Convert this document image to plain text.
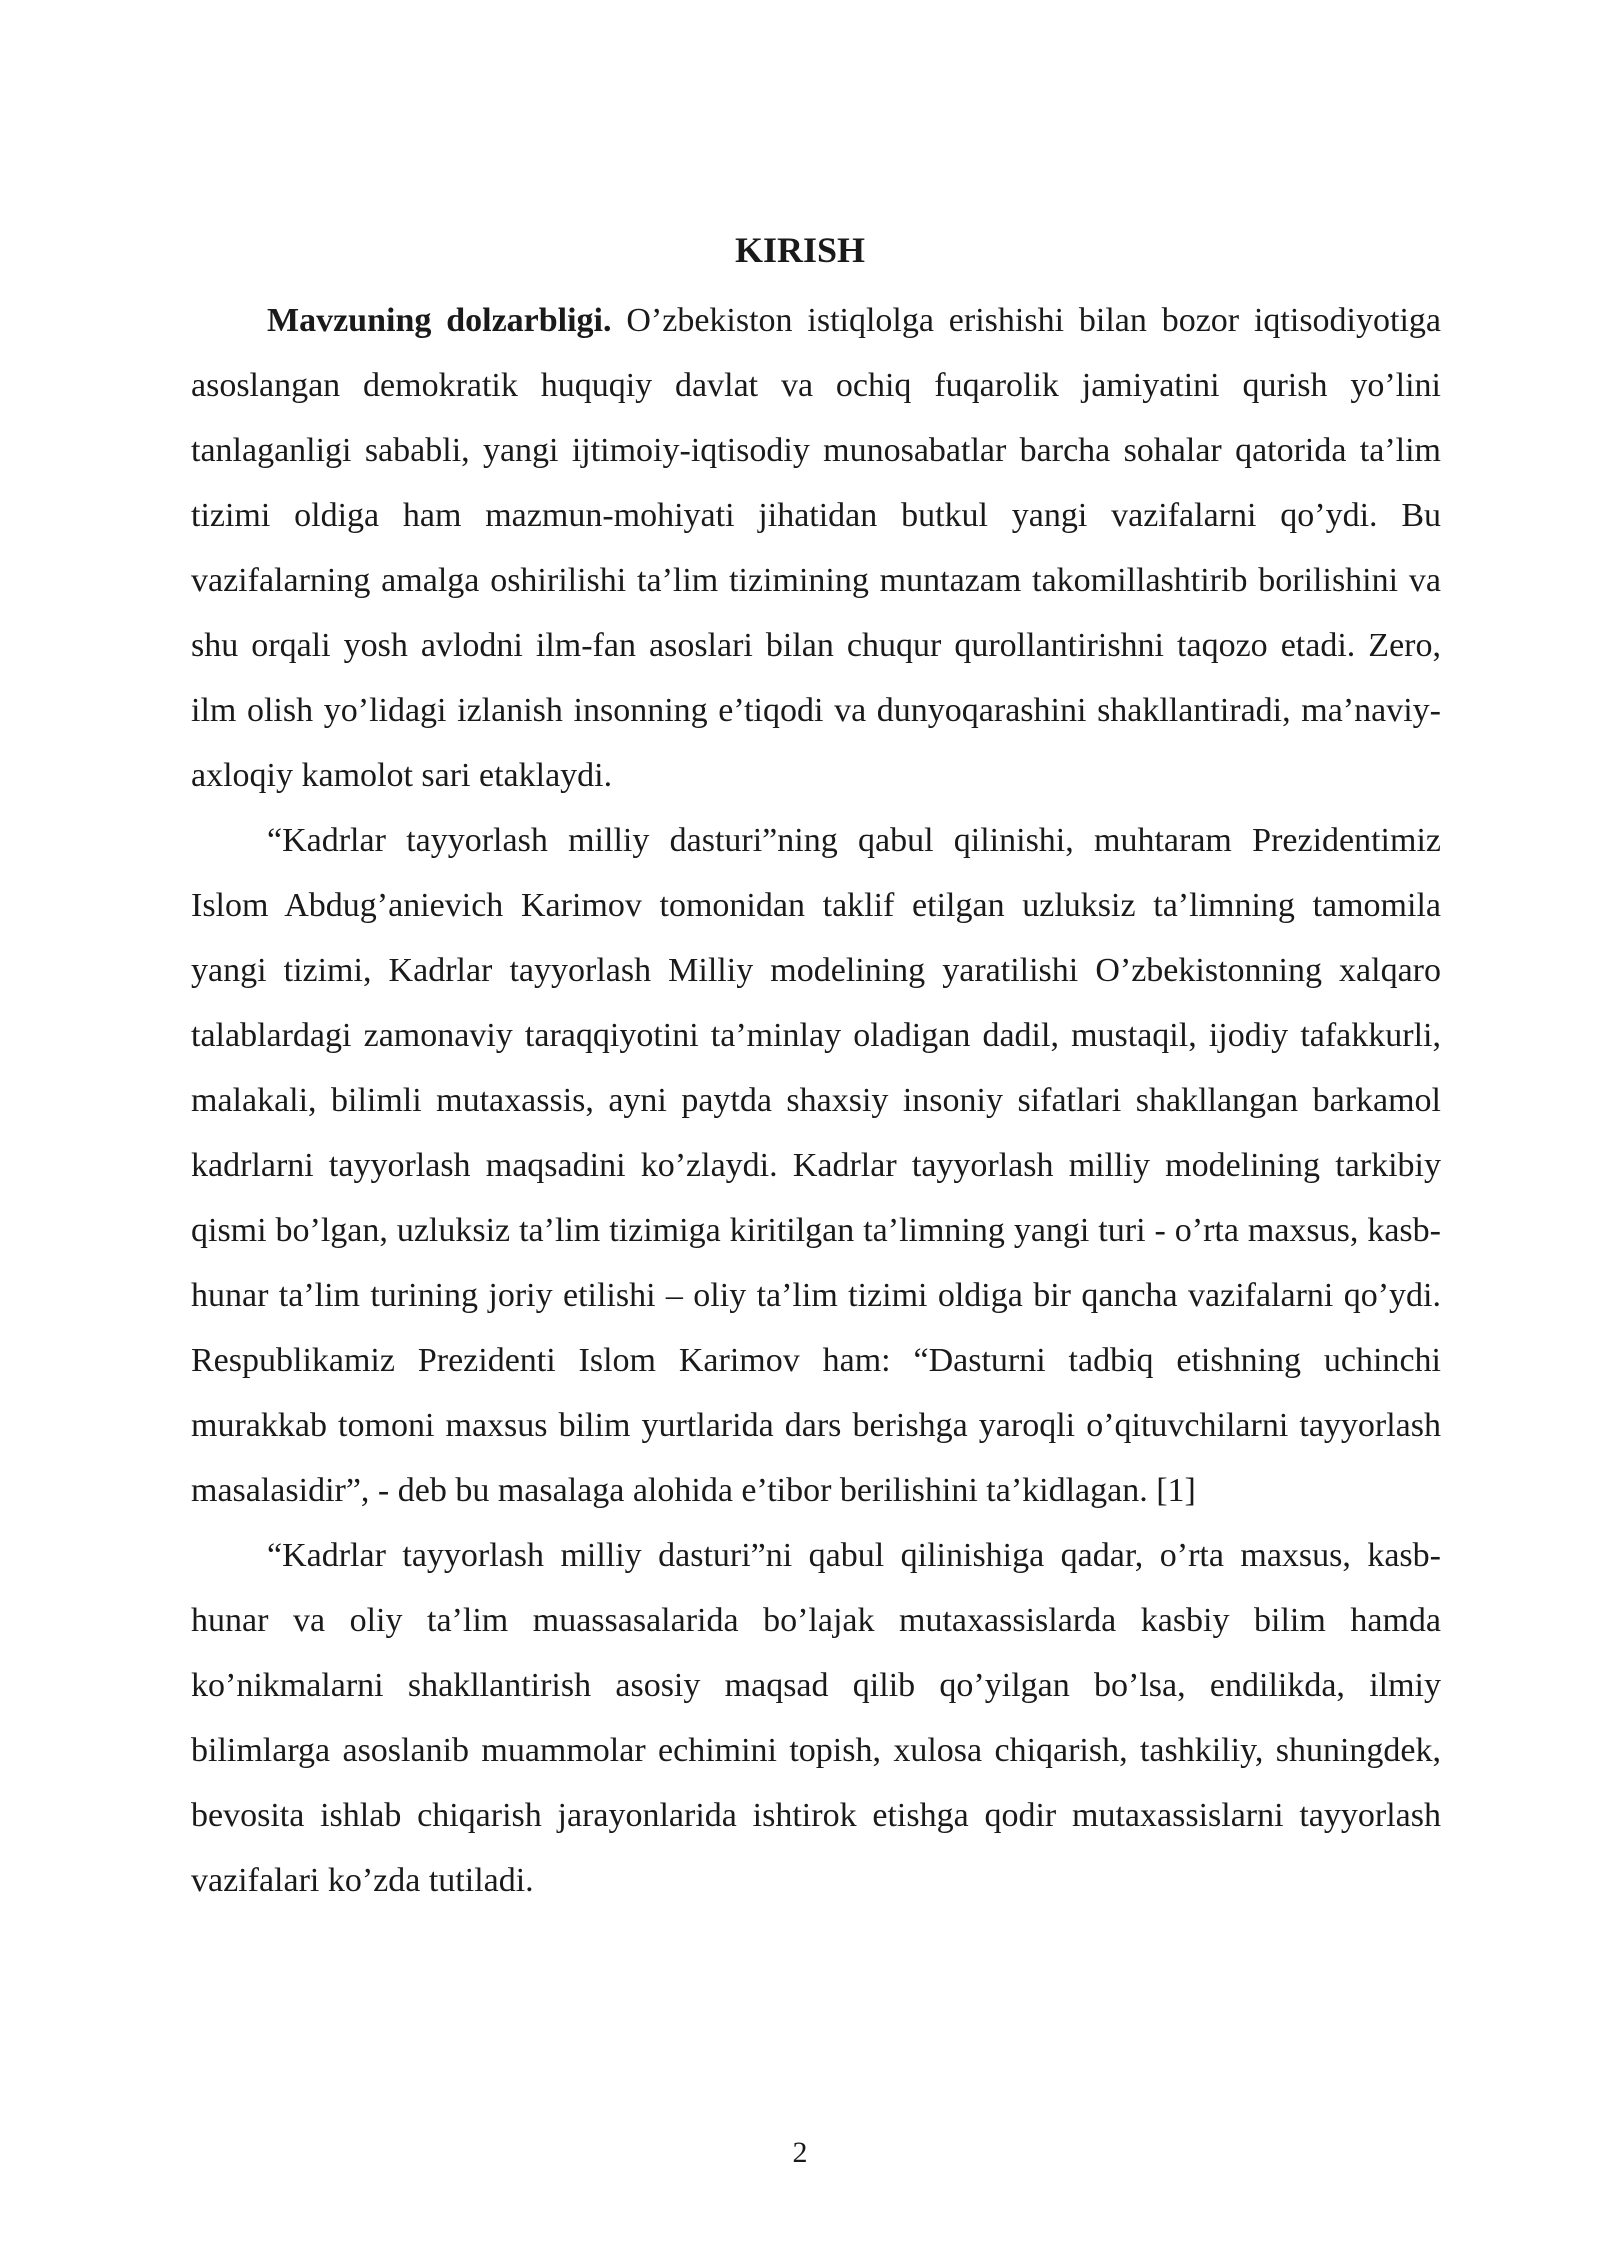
KIRISH

Mavzuning dolzarbligi. O’zbekiston istiqlolga erishishi bilan bozor iqtisodiyotiga asoslangan demokratik huquqiy davlat va ochiq fuqarolik jamiyatini qurish yo’lini tanlaganligi sababli, yangi ijtimoiy-iqtisodiy munosabatlar barcha sohalar qatorida ta’lim tizimi oldiga ham mazmun-mohiyati jihatidan butkul yangi vazifalarni qo’ydi. Bu vazifalarning amalga oshirilishi ta’lim tizimining muntazam takomillashtirib borilishini va shu orqali yosh avlodni ilm-fan asoslari bilan chuqur qurollantirishni taqozo etadi. Zero, ilm olish yo’lidagi izlanish insonning e’tiqodi va dunyoqarashini shakllantiradi, ma’naviy-axloqiy kamolot sari etaklaydi.

“Kadrlar tayyorlash milliy dasturi”ning qabul qilinishi, muhtaram Prezidentimiz Islom Abdug’anievich Karimov tomonidan taklif etilgan uzluksiz ta’limning tamomila yangi tizimi, Kadrlar tayyorlash Milliy modelining yaratilishi O’zbekistonning xalqaro talablardagi zamonaviy taraqqiyotini ta’minlay oladigan dadil, mustaqil, ijodiy tafakkurli, malakali, bilimli mutaxassis, ayni paytda shaxsiy insoniy sifatlari shakllangan barkamol kadrlarni tayyorlash maqsadini ko’zlaydi. Kadrlar tayyorlash milliy modelining tarkibiy qismi bo’lgan, uzluksiz ta’lim tizimiga kiritilgan ta’limning yangi turi - o’rta maxsus, kasb-hunar ta’lim turining joriy etilishi – oliy ta’lim tizimi oldiga bir qancha vazifalarni qo’ydi. Respublikamiz Prezidenti Islom Karimov ham: “Dasturni tadbiq etishning uchinchi murakkab tomoni maxsus bilim yurtlarida dars berishga yaroqli o’qituvchilarni tayyorlash masalasidir”, - deb bu masalaga alohida e’tibor berilishini ta’kidlagan. [1]

“Kadrlar tayyorlash milliy dasturi”ni qabul qilinishiga qadar, o’rta maxsus, kasb-hunar va oliy ta’lim muassasalarida bo’lajak mutaxassislarda kasbiy bilim hamda ko’nikmalarni shakllantirish asosiy maqsad qilib qo’yilgan bo’lsa, endilikda, ilmiy bilimlarga asoslanib muammolar echimini topish, xulosa chiqarish, tashkiliy, shuningdek, bevosita ishlab chiqarish jarayonlarida ishtirok etishga qodir mutaxassislarni tayyorlash vazifalari ko’zda tutiladi.

2
